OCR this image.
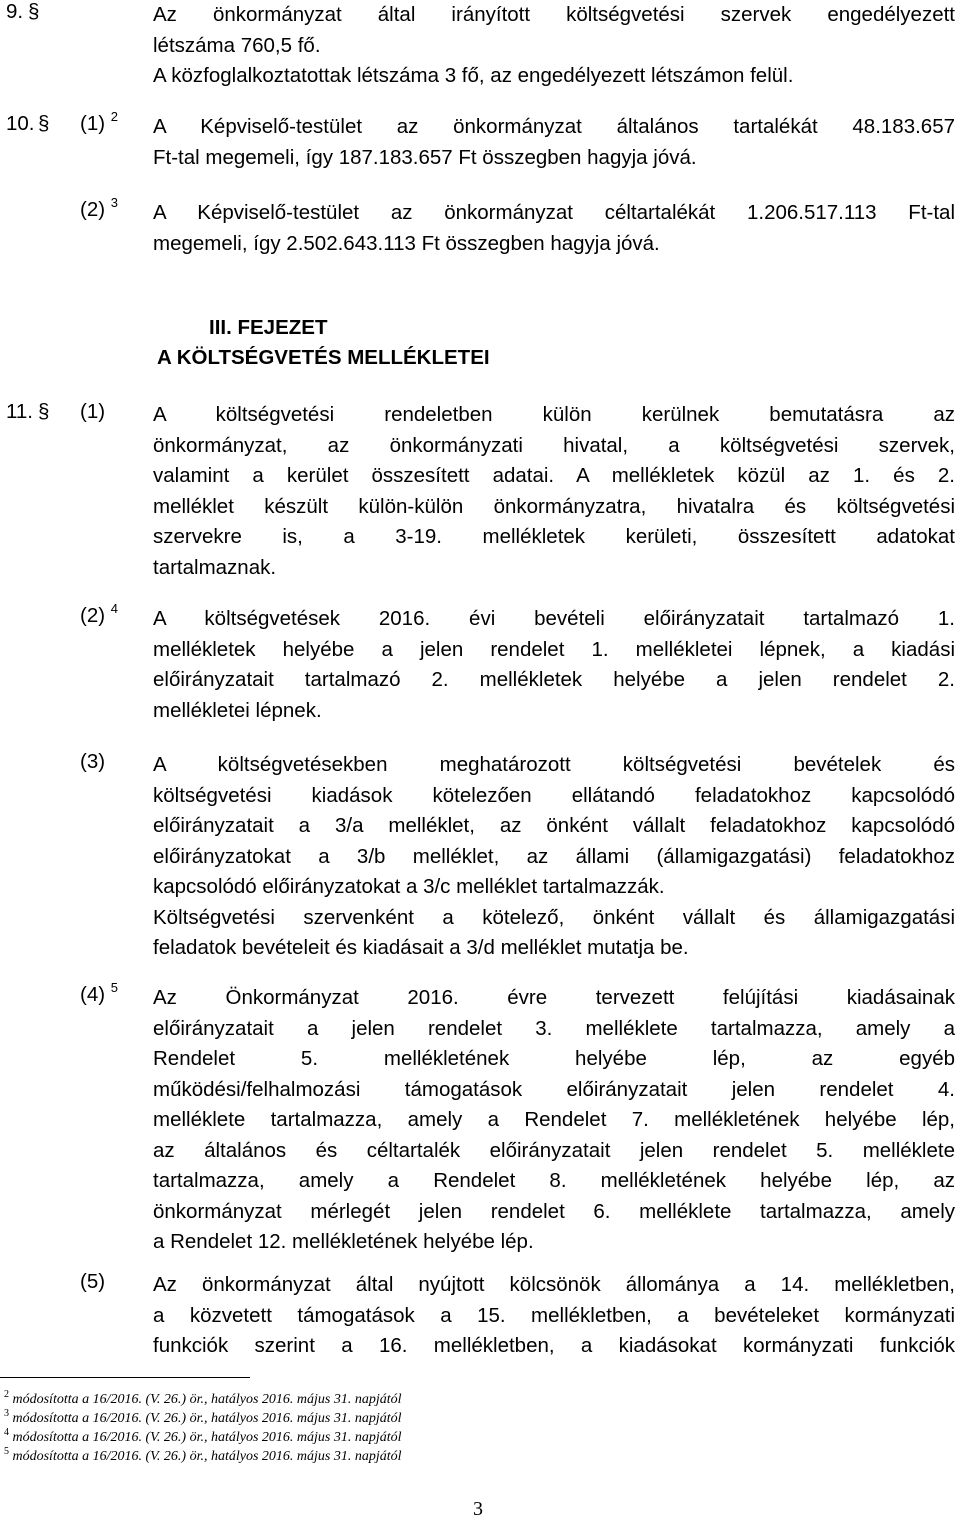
9. §	Az önkormányzat által irányított költségvetési szervek engedélyezett
létszáma 760,5 fő.
A közfoglalkoztatottak létszáma 3 fő, az engedélyezett létszámon felül.
10. § (1) $^2$ A Képviselő-testület az önkormányzat általános tartalékát 48.183.657
Ft-tal megemeli, így 187.183.657 Ft összegben hagyja jóvá.
(2) $^3$ A Képviselő-testület az önkormányzat céltartalékát 1.206.517.113 Ft-tal
megemeli, így 2.502.643.113 Ft összegben hagyja jóvá.
III. FEJEZET
A KÖLTSÉGVETÉS MELLÉKLETEI
11. § (1) A költségvetési rendeletben külön kerülnek bemutatásra az
önkormányzat, az önkormányzati hivatal, a költségvetési szervek,
valamint a kerület összesített adatai. A mellékletek közül az 1. és 2.
melléklet készült külön-külön önkormányzatra, hivatalra és költségvetési
szervekre is, a 3-19. mellékletek kerületi, összesített adatokat
tartalmaznak.
(2) $^4$ A költségvetések 2016. évi bevételi előirányzatait tartalmazó 1.
mellékletek helyébe a jelen rendelet 1. mellékletei lépnek, a kiadási
előirányzatait tartalmazó 2. mellékletek helyébe a jelen rendelet 2.
mellékletei lépnek.
(3) A költségvetésekben meghatározott költségvetési bevételek és
költségvetési kiadások kötelezően ellátandó feladatokhoz kapcsolódó
előirányzatait a 3/a melléklet, az önként vállalt feladatokhoz kapcsolódó
előirányzatokat a 3/b melléklet, az állami (államigazgatási) feladatokhoz
kapcsolódó előirányzatokat a 3/c melléklet tartalmazzák.
Költségvetési szervenként a kötelező, önként vállalt és államigazgatási
feladatok bevételeit és kiadásait a 3/d melléklet mutatja be.
(4) $^5$ Az Önkormányzat 2016. évre tervezett felújítási kiadásainak
előirányzatait a jelen rendelet 3. melléklete tartalmazza, amely a
Rendelet 5. mellékletének helyébe lép, az egyéb
működési/felhalmozási támogatások előirányzatait jelen rendelet 4.
melléklete tartalmazza, amely a Rendelet 7. mellékletének helyébe lép,
az általános és céltartalék előirányzatait jelen rendelet 5. melléklete
tartalmazza, amely a Rendelet 8. mellékletének helyébe lép, az
önkormányzat mérlegét jelen rendelet 6. melléklete tartalmazza, amely
a Rendelet 12. mellékletének helyébe lép.
(5) Az önkormányzat által nyújtott kölcsönök állománya a 14. mellékletben,
a közvetett támogatások a 15. mellékletben, a bevételeket kormányzati
funkciók szerint a 16. mellékletben, a kiadásokat kormányzati funkciók
$^2$ módosította a 16/2016. (V. 26.) ör., hatályos 2016. május 31. napjától
$^3$ módosította a 16/2016. (V. 26.) ör., hatályos 2016. május 31. napjától
$^4$ módosította a 16/2016. (V. 26.) ör., hatályos 2016. május 31. napjától
$^5$ módosította a 16/2016. (V. 26.) ör., hatályos 2016. május 31. napjától
3
